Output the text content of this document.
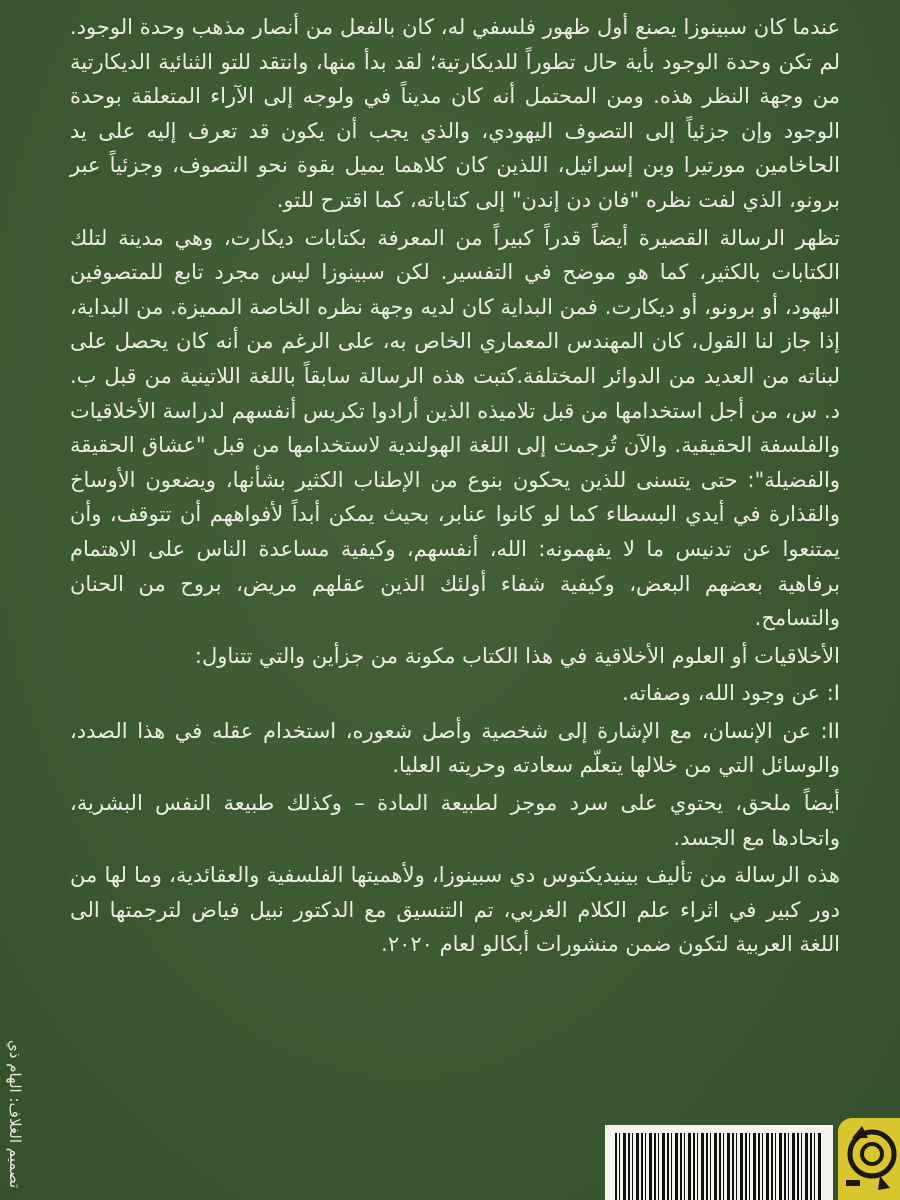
عندما كان سبينوزا يصنع أول ظهور فلسفي له، كان بالفعل من أنصار مذهب وحدة الوجود. لم تكن وحدة الوجود بأية حال تطوراً للديكارتية؛ لقد بدأ منها، وانتقد للتو الثنائية الديكارتية من وجهة النظر هذه. ومن المحتمل أنه كان مديناً في ولوجه إلى الآراء المتعلقة بوحدة الوجود وإن جزئياً إلى التصوف اليهودي، والذي يجب أن يكون قد تعرف إليه على يد الحاخامين مورتيرا وبن إسرائيل، اللذين كان كلاهما يميل بقوة نحو التصوف، وجزئياً عبر برونو، الذي لفت نظره "فان دن إندن" إلى كتاباته، كما اقترح للتو.

تظهر الرسالة القصيرة أيضاً قدراً كبيراً من المعرفة بكتابات ديكارت، وهي مدينة لتلك الكتابات بالكثير، كما هو موضح في التفسير. لكن سبينوزا ليس مجرد تابع للمتصوفين اليهود، أو برونو، أو ديكارت. فمن البداية كان لديه وجهة نظره الخاصة المميزة. من البداية، إذا جاز لنا القول، كان المهندس المعماري الخاص به، على الرغم من أنه كان يحصل على لبناته من العديد من الدوائر المختلفة.كتبت هذه الرسالة سابقاً باللغة اللاتينية من قبل ب. د. س، من أجل استخدامها من قبل تلاميذه الذين أرادوا تكريس أنفسهم لدراسة الأخلاقيات والفلسفة الحقيقية. والآن تُرجمت إلى اللغة الهولندية لاستخدامها من قبل "عشاق الحقيقة والفضيلة": حتى يتسنى للذين يحكون بنوع من الإطناب الكثير بشأنها، ويضعون الأوساخ والقذارة في أيدي البسطاء كما لو كانوا عنابر، بحيث يمكن أبداً لأفواههم أن تتوقف، وأن يمتنعوا عن تدنيس ما لا يفهمونه: الله، أنفسهم، وكيفية مساعدة الناس على الاهتمام برفاهية بعضهم البعض، وكيفية شفاء أولئك الذين عقلهم مريض، بروح من الحنان والتسامح.

الأخلاقيات أو العلوم الأخلاقية في هذا الكتاب مكونة من جزأين والتي تتناول:

I: عن وجود الله، وصفاته.

II: عن الإنسان، مع الإشارة إلى شخصية وأصل شعوره، استخدام عقله في هذا الصدد، والوسائل التي من خلالها يتعلّم سعادته وحريته العليا.

أيضاً ملحق، يحتوي على سرد موجز لطبيعة المادة – وكذلك طبيعة النفس البشرية، واتحادها مع الجسد.

هذه الرسالة من تأليف بينيديكتوس دي سبينوزا، ولأهميتها الفلسفية والعقائدية، وما لها من دور كبير في اثراء علم الكلام الغربي، تم التنسيق مع الدكتور نبيل فياض لترجمتها الى اللغة العربية لتكون ضمن منشورات أبكالو لعام ٢٠٢٠.

تصميم الغلاف: الهام ذي
